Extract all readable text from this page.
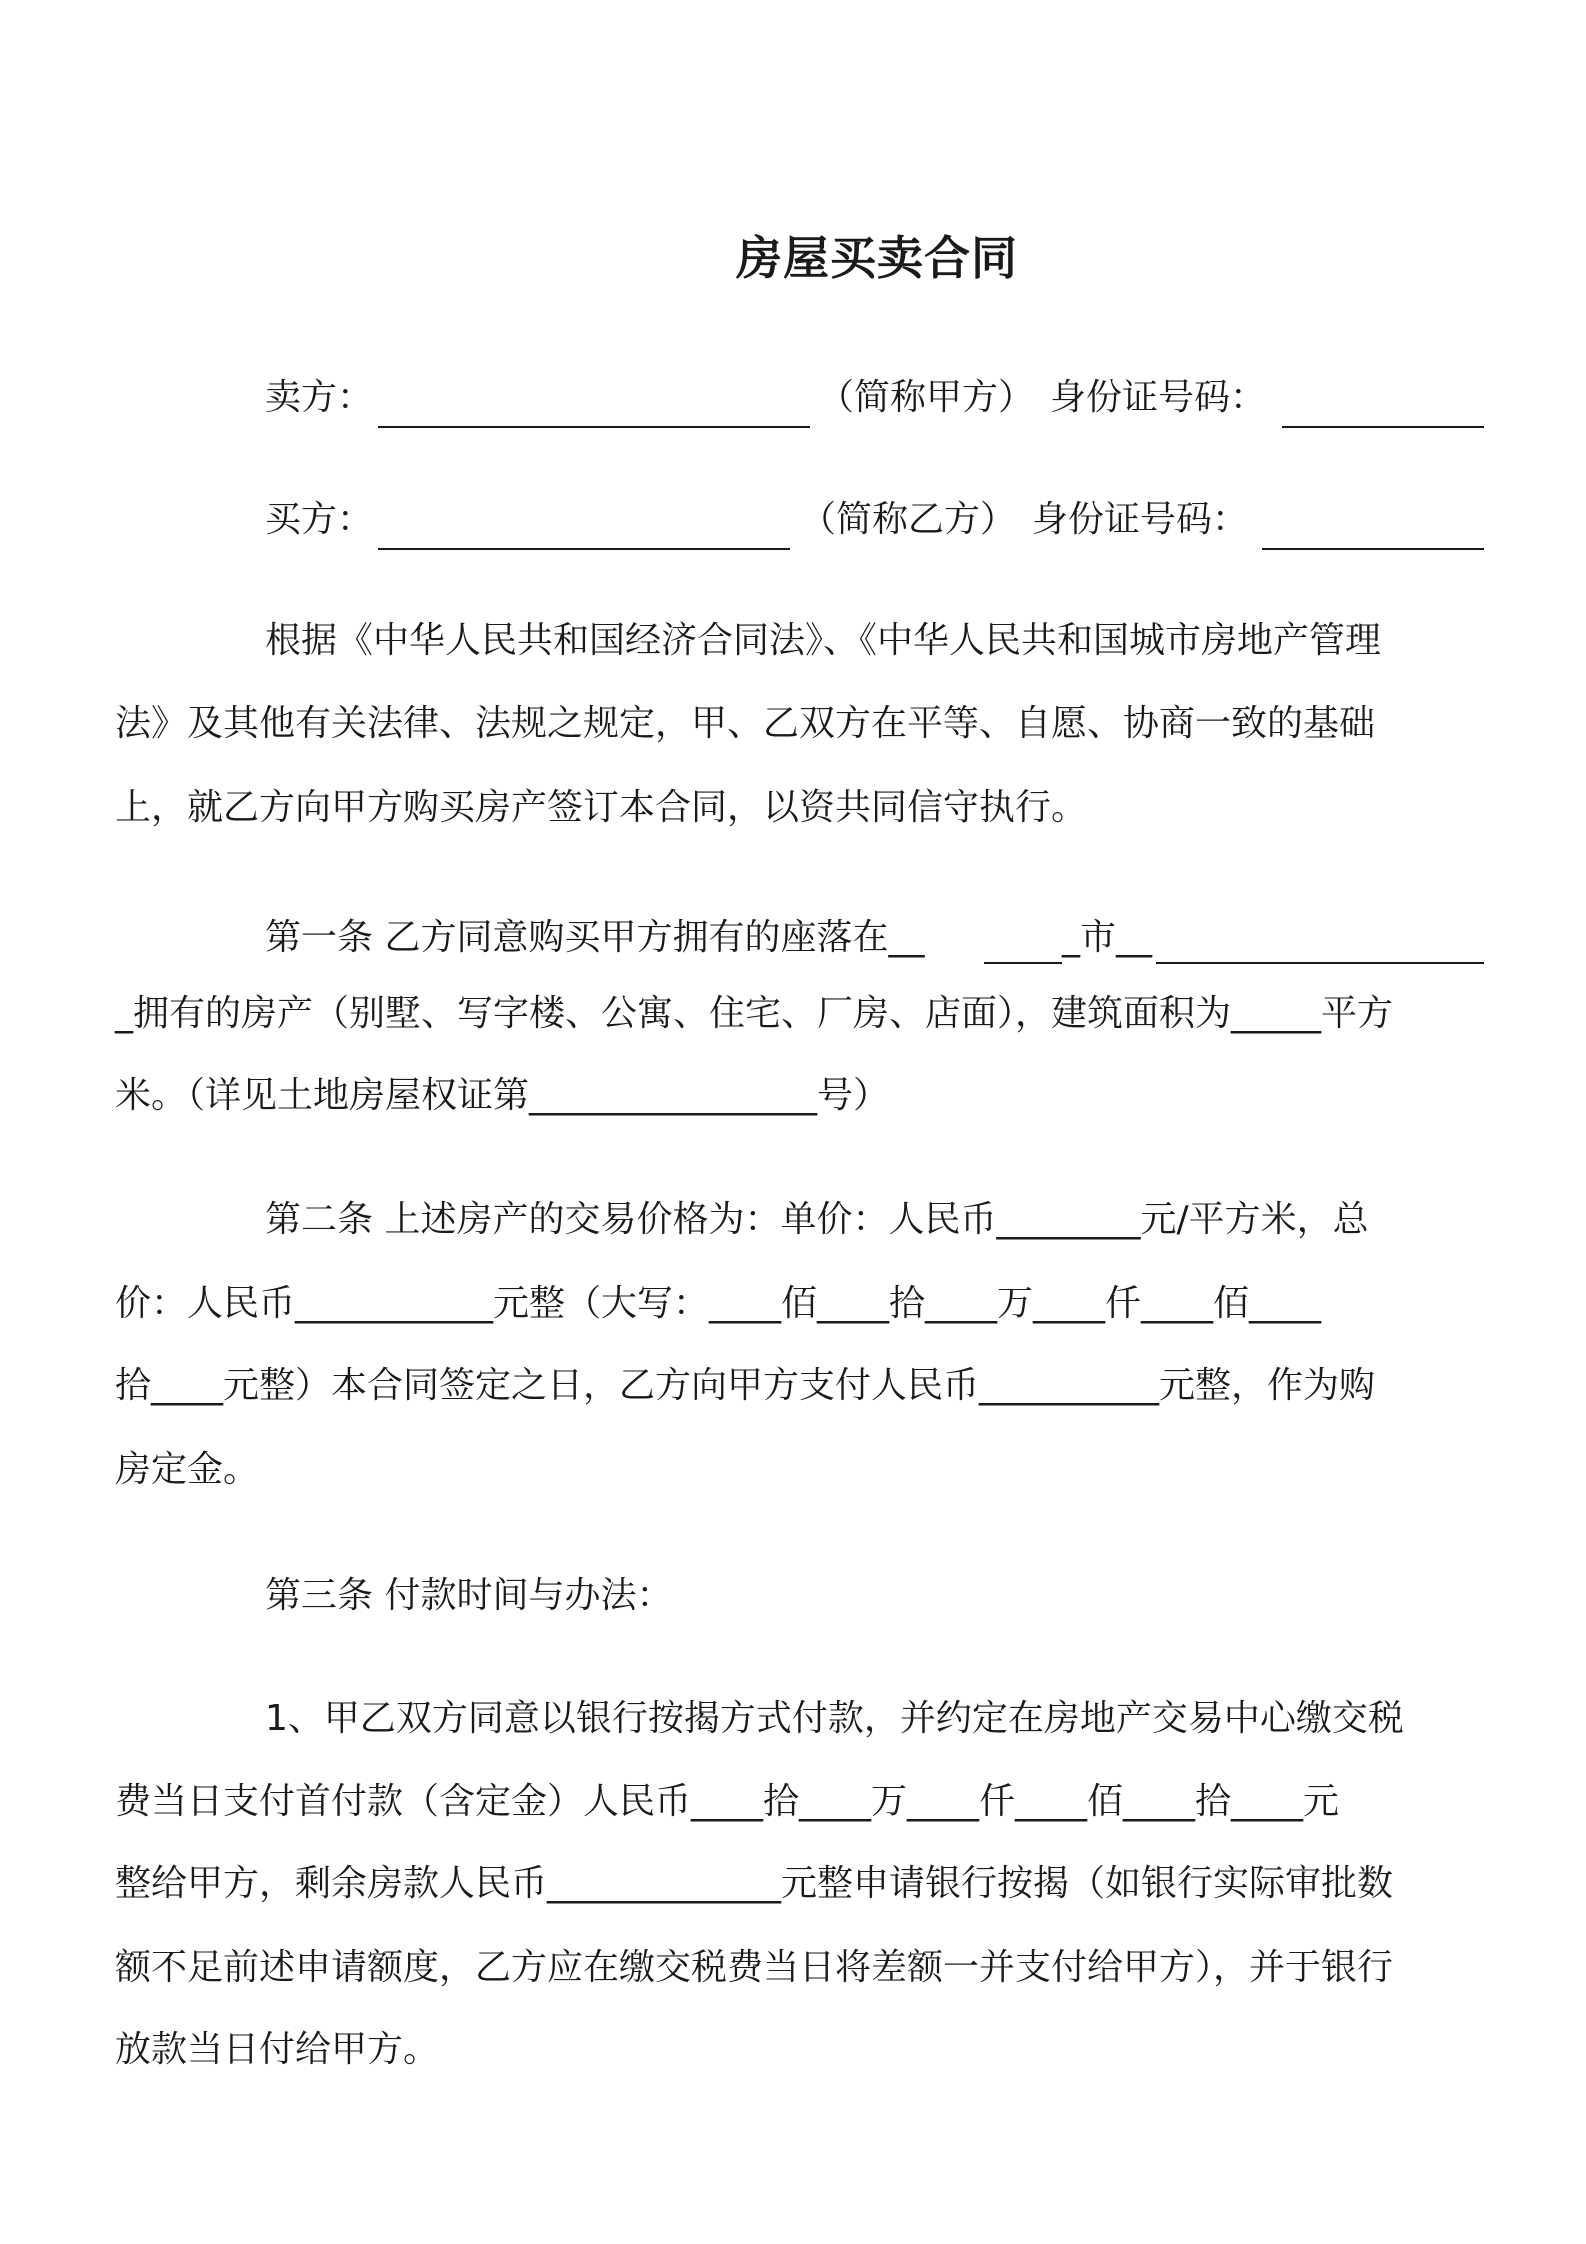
房屋买卖合同
卖方：	（简称甲方） 身份证号码：
买方：	（简称乙方） 身份证号码：
根据《中华人民共和国经济合同法》、《中华人民共和国城市房地产管理
法》及其他有关法律、法规之规定，甲、乙双方在平等、自愿、协商一致的基础
上，就乙方向甲方购买房产签订本合同，以资共同信守执行。
第一条 乙方同意购买甲方拥有的座落在__	_市__
_拥有的房产（别墅、写字楼、公寓、住宅、厂房、店面），建筑面积为_____平方
米。（详见土地房屋权证第________________号）
第二条 上述房产的交易价格为：单价：人民币________元/平方米，总
价：人民币___________元整（大写：____佰____拾____万____仟____佰____
拾____元整）本合同签定之日，乙方向甲方支付人民币__________元整，作为购
房定金。
第三条 付款时间与办法：
1、甲乙双方同意以银行按揭方式付款，并约定在房地产交易中心缴交税
费当日支付首付款（含定金）人民币____拾____万____仟____佰____拾____元
整给甲方，剩余房款人民币_____________元整申请银行按揭（如银行实际审批数
额不足前述申请额度，乙方应在缴交税费当日将差额一并支付给甲方），并于银行
放款当日付给甲方。
